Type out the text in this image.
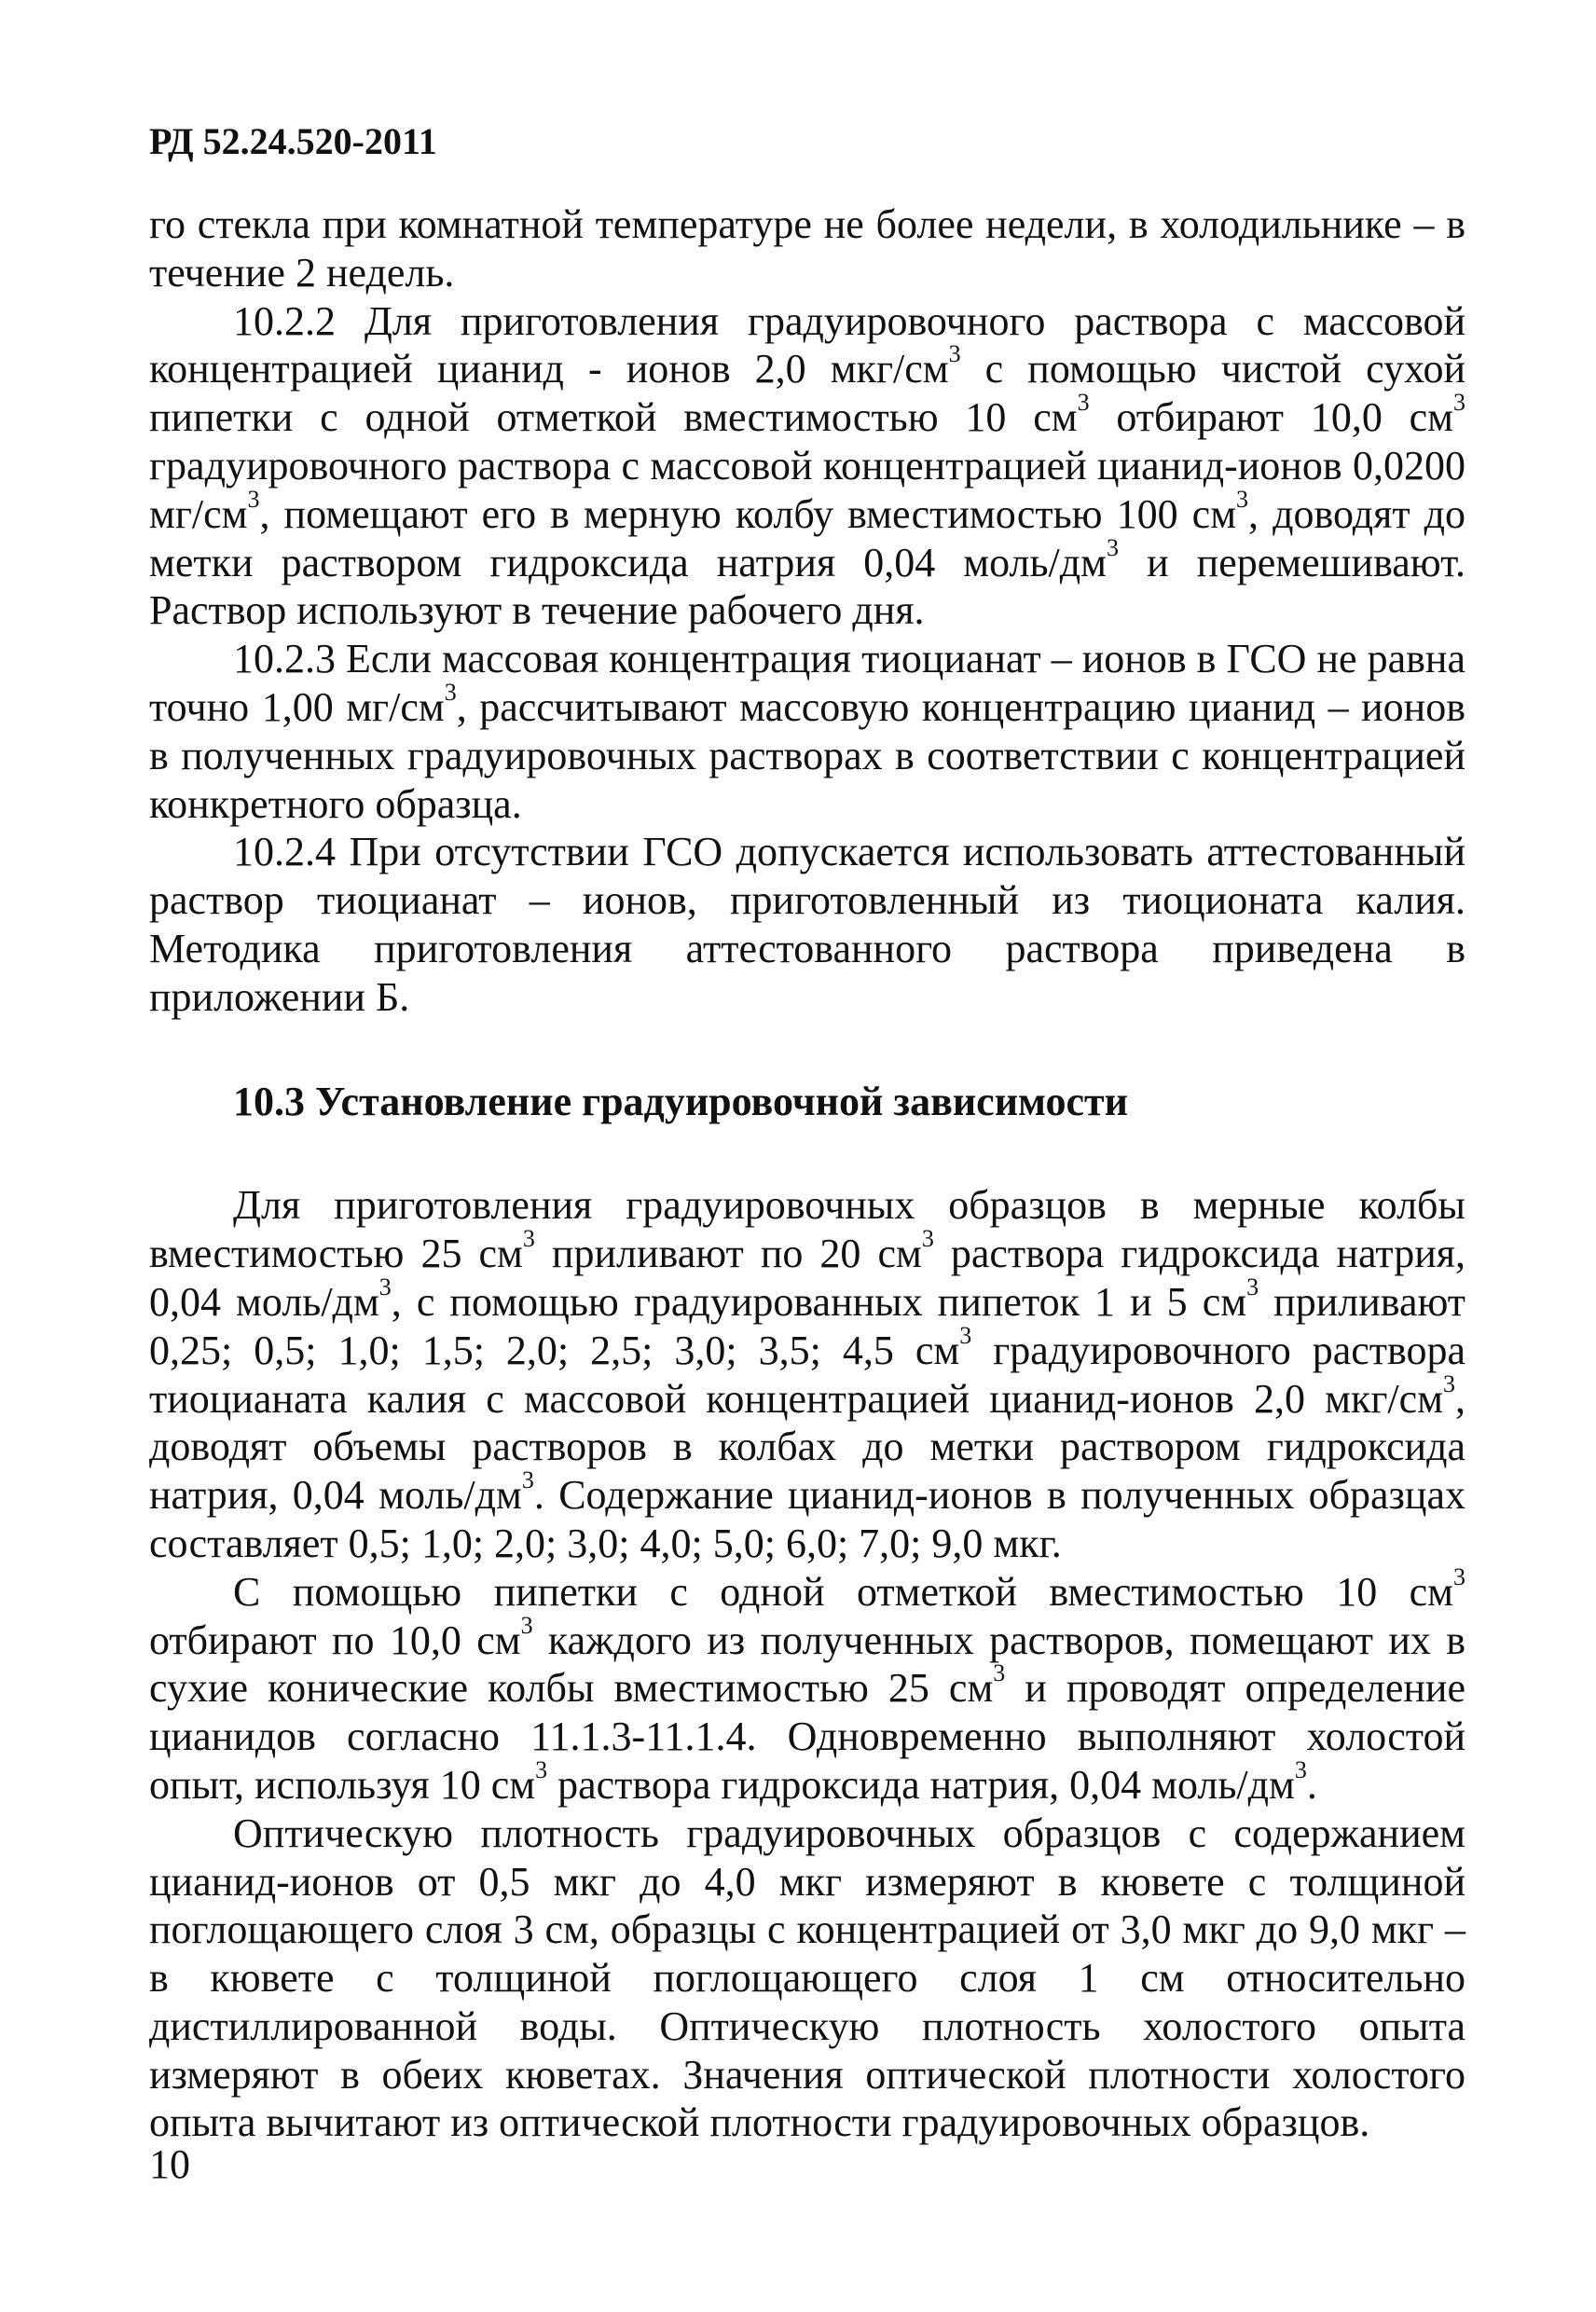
РД 52.24.520-2011

го стекла при комнатной температуре не более недели, в холодильнике – в течение 2 недель.

10.2.2 Для приготовления градуировочного раствора с массовой концентрацией цианид - ионов 2,0 мкг/$см^3$ с помощью чистой сухой пипетки с одной отметкой вместимостью 10 $см^3$ отбирают 10,0 $см^3$ градуировочного раствора с массовой концентрацией цианид-ионов 0,0200 $мг/см^3$, помещают его в мерную колбу вместимостью 100 $см^3$, доводят до метки раствором гидроксида натрия 0,04 моль/$дм^3$ и перемешивают. Раствор используют в течение рабочего дня.

10.2.3 Если массовая концентрация тиоцианат – ионов в ГСО не равна точно 1,00 $мг/см^3$, рассчитывают массовую концентрацию цианид – ионов в полученных градуировочных растворах в соответствии с концентрацией конкретного образца.

10.2.4 При отсутствии ГСО допускается использовать аттестованный раствор тиоцианат – ионов, приготовленный из тиоционата калия. Методика приготовления аттестованного раствора приведена в приложении Б.

10.3 Установление градуировочной зависимости

Для приготовления градуировочных образцов в мерные колбы вместимостью 25 $см^3$ приливают по 20 $см^3$ раствора гидроксида натрия, 0,04 моль/$дм^3$, с помощью градуированных пипеток 1 и 5 $см^3$ приливают 0,25; 0,5; 1,0; 1,5; 2,0; 2,5; 3,0; 3,5; 4,5 $см^3$ градуировочного раствора тиоцианата калия с массовой концентрацией цианид-ионов 2,0 мкг/$см^3$, доводят объемы растворов в колбах до метки раствором гидроксида натрия, 0,04 моль/$дм^3$. Содержание цианид-ионов в полученных образцах составляет 0,5; 1,0; 2,0; 3,0; 4,0; 5,0; 6,0; 7,0; 9,0 мкг.

С помощью пипетки с одной отметкой вместимостью 10 $см^3$ отбирают по 10,0 $см^3$ каждого из полученных растворов, помещают их в сухие конические колбы вместимостью 25 $см^3$ и проводят определение цианидов согласно 11.1.3-11.1.4. Одновременно выполняют холостой опыт, используя 10 $см^3$ раствора гидроксида натрия, 0,04 моль/$дм^3$.

Оптическую плотность градуировочных образцов с содержанием цианид-ионов от 0,5 мкг до 4,0 мкг измеряют в кювете с толщиной поглощающего слоя 3 см, образцы с концентрацией от 3,0 мкг до 9,0 мкг – в кювете с толщиной поглощающего слоя 1 см относительно дистиллированной воды. Оптическую плотность холостого опыта измеряют в обеих кюветах. Значения оптической плотности холостого опыта вычитают из оптической плотности градуировочных образцов.

10
